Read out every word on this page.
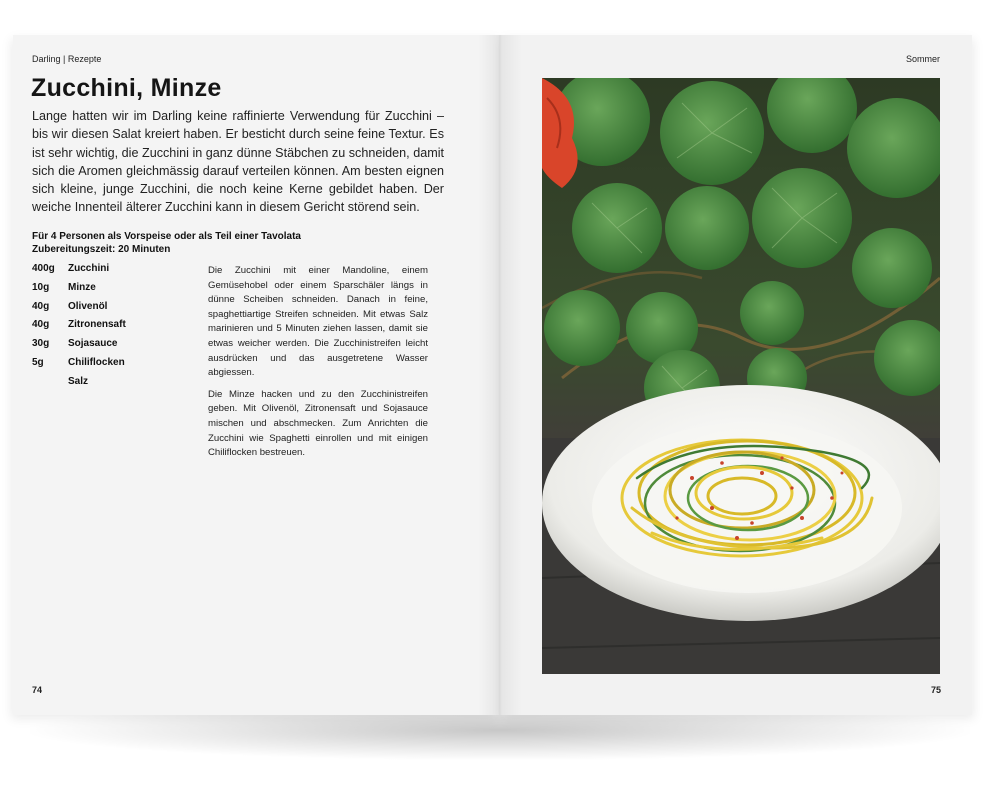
Darling | Rezepte	Sommer
Zucchini, Minze

Lange hatten wir im Darling keine raffinierte Verwendung für Zucchini – bis wir diesen Salat kreiert haben. Er besticht durch seine feine Textur. Es ist sehr wichtig, die Zucchini in ganz dünne Stäbchen zu schneiden, damit sich die Aromen gleichmässig darauf verteilen können. Am besten eignen sich kleine, junge Zucchini, die noch keine Kerne gebildet haben. Der weiche Innenteil älterer Zucchini kann in diesem Gericht störend sein.

Für 4 Personen als Vorspeise oder als Teil einer Tavolata
Zubereitungszeit: 20 Minuten
400g	Zucchini
10g	Minze
40g	Olivenöl
40g	Zitronensaft
30g	Sojasauce
5g	Chiliflocken
Salz

Die Zucchini mit einer Mandoline, einem Gemüsehobel oder einem Sparschäler längs in dünne Scheiben schneiden. Danach in feine, spaghettiartige Streifen schneiden. Mit etwas Salz marinieren und 5 Minuten ziehen lassen, damit sie etwas weicher werden. Die Zucchinistreifen leicht ausdrücken und das ausgetretene Wasser abgiessen.

Die Minze hacken und zu den Zucchinistreifen geben. Mit Olivenöl, Zitronensaft und Sojasauce mischen und abschmecken. Zum Anrichten die Zucchini wie Spaghetti einrollen und mit einigen Chiliflocken bestreuen.

74	75
